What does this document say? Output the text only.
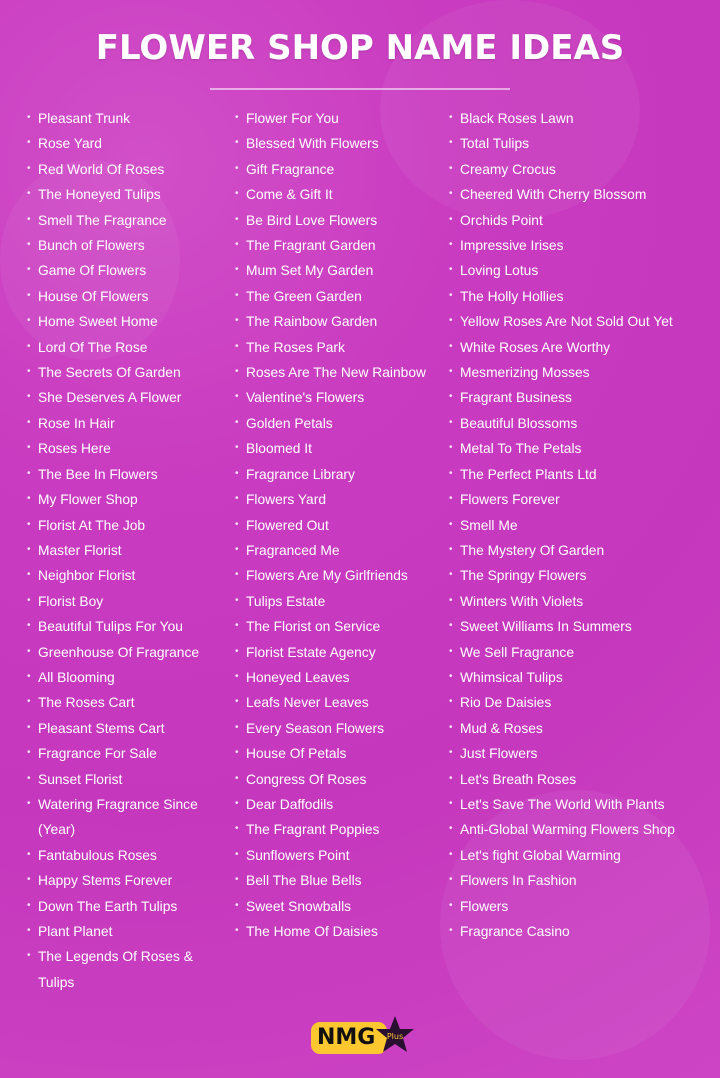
FLOWER SHOP NAME IDEAS
• Pleasant Trunk
• Rose Yard
• Red World Of Roses
• The Honeyed Tulips
• Smell The Fragrance
• Bunch of Flowers
• Game Of Flowers
• House Of Flowers
• Home Sweet Home
• Lord Of The Rose
• The Secrets Of Garden
• She Deserves A Flower
• Rose In Hair
• Roses Here
• The Bee In Flowers
• My Flower Shop
• Florist At The Job
• Master Florist
• Neighbor Florist
• Florist Boy
• Beautiful Tulips For You
• Greenhouse Of Fragrance
• All Blooming
• The Roses Cart
• Pleasant Stems Cart
• Fragrance For Sale
• Sunset Florist
• Watering Fragrance Since (Year)
• Fantabulous Roses
• Happy Stems Forever
• Down The Earth Tulips
• Plant Planet
• The Legends Of Roses & Tulips
• Flower For You
• Blessed With Flowers
• Gift Fragrance
• Come & Gift It
• Be Bird Love Flowers
• The Fragrant Garden
• Mum Set My Garden
• The Green Garden
• The Rainbow Garden
• The Roses Park
• Roses Are The New Rainbow
• Valentine's Flowers
• Golden Petals
• Bloomed It
• Fragrance Library
• Flowers Yard
• Flowered Out
• Fragranced Me
• Flowers Are My Girlfriends
• Tulips Estate
• The Florist on Service
• Florist Estate Agency
• Honeyed Leaves
• Leafs Never Leaves
• Every Season Flowers
• House Of Petals
• Congress Of Roses
• Dear Daffodils
• The Fragrant Poppies
• Sunflowers Point
• Bell The Blue Bells
• Sweet Snowballs
• The Home Of Daisies
• Black Roses Lawn
• Total Tulips
• Creamy Crocus
• Cheered With Cherry Blossom
• Orchids Point
• Impressive Irises
• Loving Lotus
• The Holly Hollies
• Yellow Roses Are Not Sold Out Yet
• White Roses Are Worthy
• Mesmerizing Mosses
• Fragrant Business
• Beautiful Blossoms
• Metal To The Petals
• The Perfect Plants Ltd
• Flowers Forever
• Smell Me
• The Mystery Of Garden
• The Springy Flowers
• Winters With Violets
• Sweet Williams In Summers
• We Sell Fragrance
• Whimsical Tulips
• Rio De Daisies
• Mud & Roses
• Just Flowers
• Let's Breath Roses
• Let's Save The World With Plants
• Anti-Global Warming Flowers Shop
• Let's fight Global Warming
• Flowers In Fashion
• Flowers
• Fragrance Casino
NMG	Plus
